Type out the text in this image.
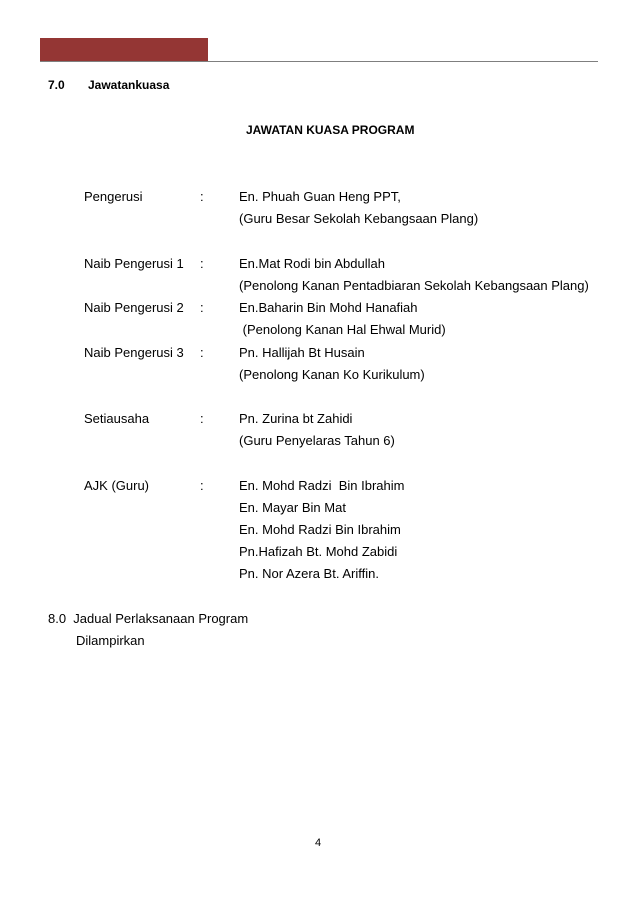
7.0 Jawatankuasa
JAWATAN KUASA PROGRAM
Pengerusi	:	En. Phuah Guan Heng PPT,
(Guru Besar Sekolah Kebangsaan Plang)
Naib Pengerusi 1 :	En.Mat Rodi bin Abdullah
(Penolong Kanan Pentadbiaran Sekolah Kebangsaan Plang)
Naib Pengerusi 2 :	En.Baharin Bin Mohd Hanafiah
(Penolong Kanan Hal Ehwal Murid)
Naib Pengerusi 3 :	Pn. Hallijah Bt Husain
(Penolong Kanan Ko Kurikulum)
Setiausaha	:	Pn. Zurina bt Zahidi
(Guru Penyelaras Tahun 6)
AJK (Guru)	:	En. Mohd Radzi  Bin Ibrahim
En. Mayar Bin Mat
En. Mohd Radzi Bin Ibrahim
Pn.Hafizah Bt. Mohd Zabidi
Pn. Nor Azera Bt. Ariffin.
8.0  Jadual Perlaksanaan Program
Dilampirkan
4
